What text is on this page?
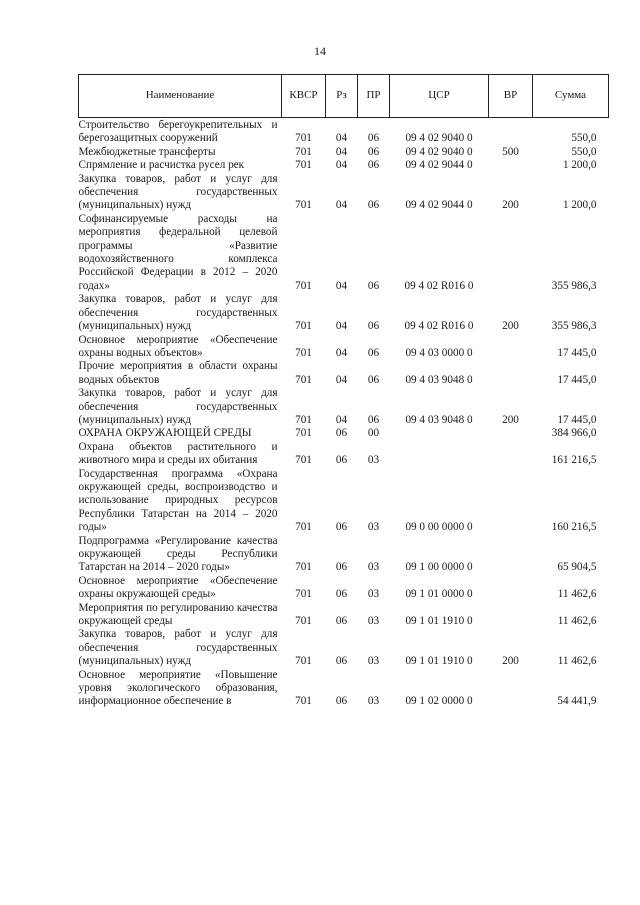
14
Наименование	КВСР	Рз	ПР	ЦСР	ВР	Сумма
Строительство берегоукрепительных и берегозащитных сооружений	701	04	06	09 4 02 9040 0		550,0
Межбюджетные трансферты	701	04	06	09 4 02 9040 0	500	550,0
Спрямление и расчистка русел рек	701	04	06	09 4 02 9044 0		1 200,0
Закупка товаров, работ и услуг для обеспечения государственных (муниципальных) нужд	701	04	06	09 4 02 9044 0	200	1 200,0
Софинансируемые расходы на мероприятия федеральной целевой программы «Развитие водохозяйственного комплекса Российской Федерации в 2012 – 2020 годах»	701	04	06	09 4 02 R016 0		355 986,3
Закупка товаров, работ и услуг для обеспечения государственных (муниципальных) нужд	701	04	06	09 4 02 R016 0	200	355 986,3
Основное мероприятие «Обеспечение охраны водных объектов»	701	04	06	09 4 03 0000 0		17 445,0
Прочие мероприятия в области охраны водных объектов	701	04	06	09 4 03 9048 0		17 445,0
Закупка товаров, работ и услуг для обеспечения государственных (муниципальных) нужд	701	04	06	09 4 03 9048 0	200	17 445,0
ОХРАНА ОКРУЖАЮЩЕЙ СРЕДЫ	701	06	00			384 966,0
Охрана объектов растительного и животного мира и среды их обитания	701	06	03			161 216,5
Государственная программа «Охрана окружающей среды, воспроизводство и использование природных ресурсов Республики Татарстан на 2014 – 2020 годы»	701	06	03	09 0 00 0000 0		160 216,5
Подпрограмма «Регулирование качества окружающей среды Республики Татарстан на 2014 – 2020 годы»	701	06	03	09 1 00 0000 0		65 904,5
Основное мероприятие «Обеспечение охраны окружающей среды»	701	06	03	09 1 01 0000 0		11 462,6
Мероприятия по регулированию качества окружающей среды	701	06	03	09 1 01 1910 0		11 462,6
Закупка товаров, работ и услуг для обеспечения государственных (муниципальных) нужд	701	06	03	09 1 01 1910 0	200	11 462,6
Основное мероприятие «Повышение уровня экологического образования, информационное обеспечение в	701	06	03	09 1 02 0000 0		54 441,9
